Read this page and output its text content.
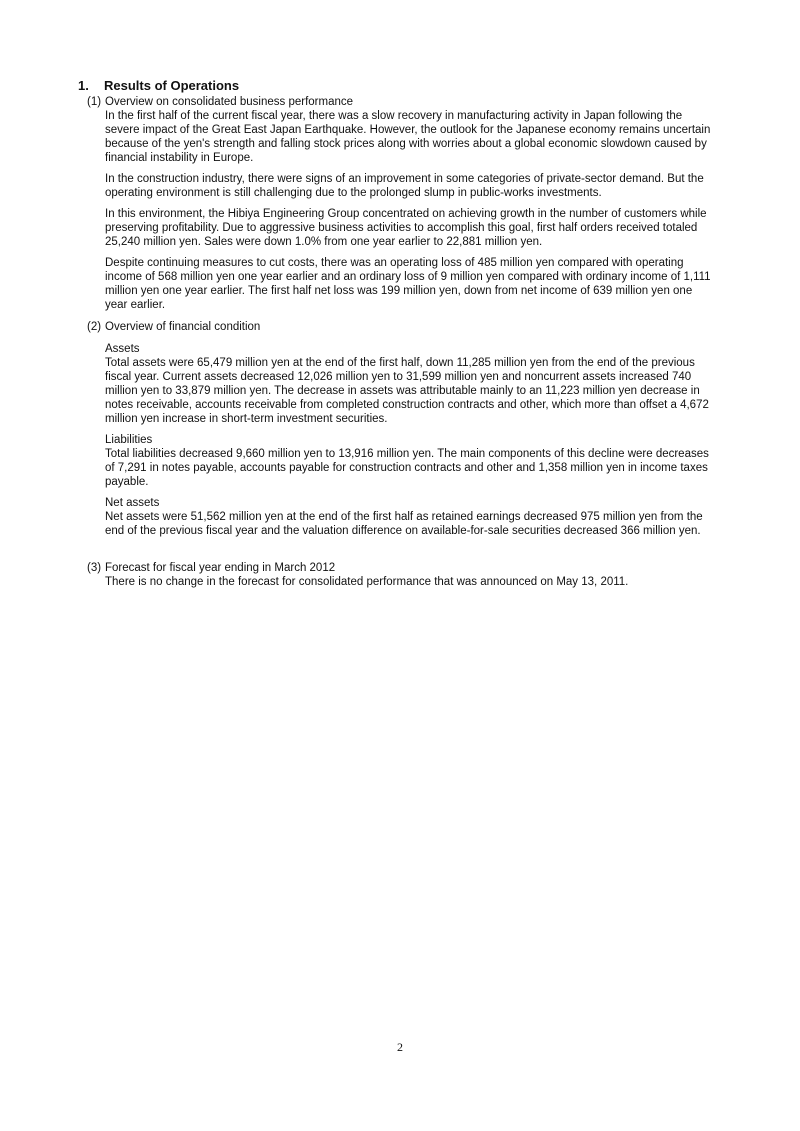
1. Results of Operations
(1) Overview on consolidated business performance

In the first half of the current fiscal year, there was a slow recovery in manufacturing activity in Japan following the severe impact of the Great East Japan Earthquake. However, the outlook for the Japanese economy remains uncertain because of the yen's strength and falling stock prices along with worries about a global economic slowdown caused by financial instability in Europe.

In the construction industry, there were signs of an improvement in some categories of private-sector demand. But the operating environment is still challenging due to the prolonged slump in public-works investments.

In this environment, the Hibiya Engineering Group concentrated on achieving growth in the number of customers while preserving profitability. Due to aggressive business activities to accomplish this goal, first half orders received totaled 25,240 million yen. Sales were down 1.0% from one year earlier to 22,881 million yen.

Despite continuing measures to cut costs, there was an operating loss of 485 million yen compared with operating income of 568 million yen one year earlier and an ordinary loss of 9 million yen compared with ordinary income of 1,111 million yen one year earlier. The first half net loss was 199 million yen, down from net income of 639 million yen one year earlier.

(2) Overview of financial condition
Assets

Total assets were 65,479 million yen at the end of the first half, down 11,285 million yen from the end of the previous fiscal year. Current assets decreased 12,026 million yen to 31,599 million yen and noncurrent assets increased 740 million yen to 33,879 million yen. The decrease in assets was attributable mainly to an 11,223 million yen decrease in notes receivable, accounts receivable from completed construction contracts and other, which more than offset a 4,672 million yen increase in short-term investment securities.

Liabilities

Total liabilities decreased 9,660 million yen to 13,916 million yen. The main components of this decline were decreases of 7,291 in notes payable, accounts payable for construction contracts and other and 1,358 million yen in income taxes payable.

Net assets

Net assets were 51,562 million yen at the end of the first half as retained earnings decreased 975 million yen from the end of the previous fiscal year and the valuation difference on available-for-sale securities decreased 366 million yen.

(3) Forecast for fiscal year ending in March 2012

There is no change in the forecast for consolidated performance that was announced on May 13, 2011.

2
